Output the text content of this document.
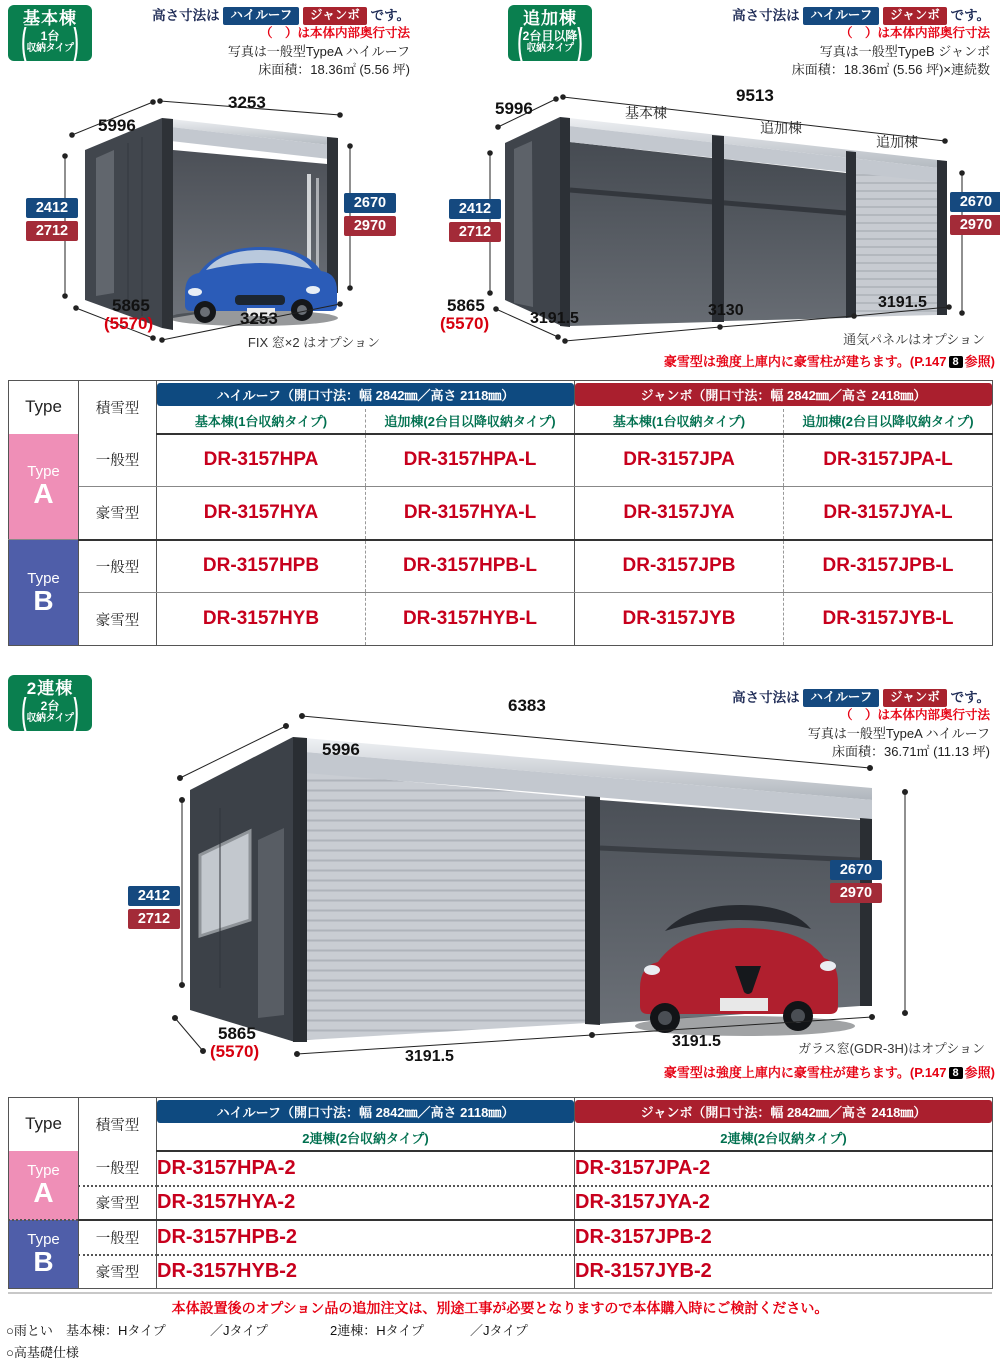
基本棟
(	1台
収納タイプ )
高さ寸法は ハイルーフ ジャンボ です。
（　）は本体内部奥行寸法
写真は一般型TypeA ハイルーフ
床面積：18.36㎡ (5.56 坪)
3253
5996
2412
2712
2670
2970
5865
(5570)	3253
FIX 窓×2 はオプション
追加棟
( 2台目以降
収納タイプ )
高さ寸法は ハイルーフ ジャンボ です。
（　）は本体内部奥行寸法
写真は一般型TypeB ジャンボ
床面積：18.36㎡ (5.56 坪)×連続数
基本棟
追加棟
追加棟
9513
5996
2412
2712
2670
2970
5865
(5570)	3191.5	3130	3191.5
通気パネルはオプション
豪雪型は強度上庫内に豪雪柱が建ちます。(P.147 8 参照)
Type	積雪型	ハイルーフ（開口寸法：幅 2842㎜／高さ 2118㎜）		ジャンボ（開口寸法：幅 2842㎜／高さ 2418㎜）	

		基本棟(1台収納タイプ)	追加棟(2台目以降収納タイプ)	基本棟(1台収納タイプ)	追加棟(2台目以降収納タイプ)

Type
A	一般型	DR-3157HPA	DR-3157HPA-L	DR-3157JPA	DR-3157JPA-L
	豪雪型	DR-3157HYA	DR-3157HYA-L	DR-3157JYA	DR-3157JYA-L

Type
B	一般型	DR-3157HPB	DR-3157HPB-L	DR-3157JPB	DR-3157JPB-L
	豪雪型	DR-3157HYB	DR-3157HYB-L	DR-3157JYB	DR-3157JYB-L
2連棟
(	2台
収納タイプ )	高さ寸法は ハイルーフ ジャンボ です。
（　）は本体内部奥行寸法
写真は一般型TypeA ハイルーフ
床面積：36.71㎡ (11.13 坪)
6383
5996
2412
2712
2670
2970
5865
(5570)	3191.5
3191.5	ガラス窓(GDR-3H)はオプション
豪雪型は強度上庫内に豪雪柱が建ちます。(P.147 8 参照)
Type	積雪型	ハイルーフ（開口寸法：幅 2842㎜／高さ 2118㎜）	ジャンボ（開口寸法：幅 2842㎜／高さ 2418㎜）

		2連棟(2台収納タイプ)	2連棟(2台収納タイプ)

Type
A	一般型	DR-3157HPA-2	DR-3157JPA-2
	豪雪型	DR-3157HYA-2	DR-3157JYA-2

Type
B	一般型	DR-3157HPB-2	DR-3157JPB-2
	豪雪型	DR-3157HYB-2	DR-3157JYB-2
本体設置後のオプション品の追加注文は、別途工事が必要となりますので本体購入時にご検討ください。
○雨とい 基本棟：Hタイプ	／Jタイプ	2連棟：Hタイプ	／Jタイプ
○高基礎仕様
